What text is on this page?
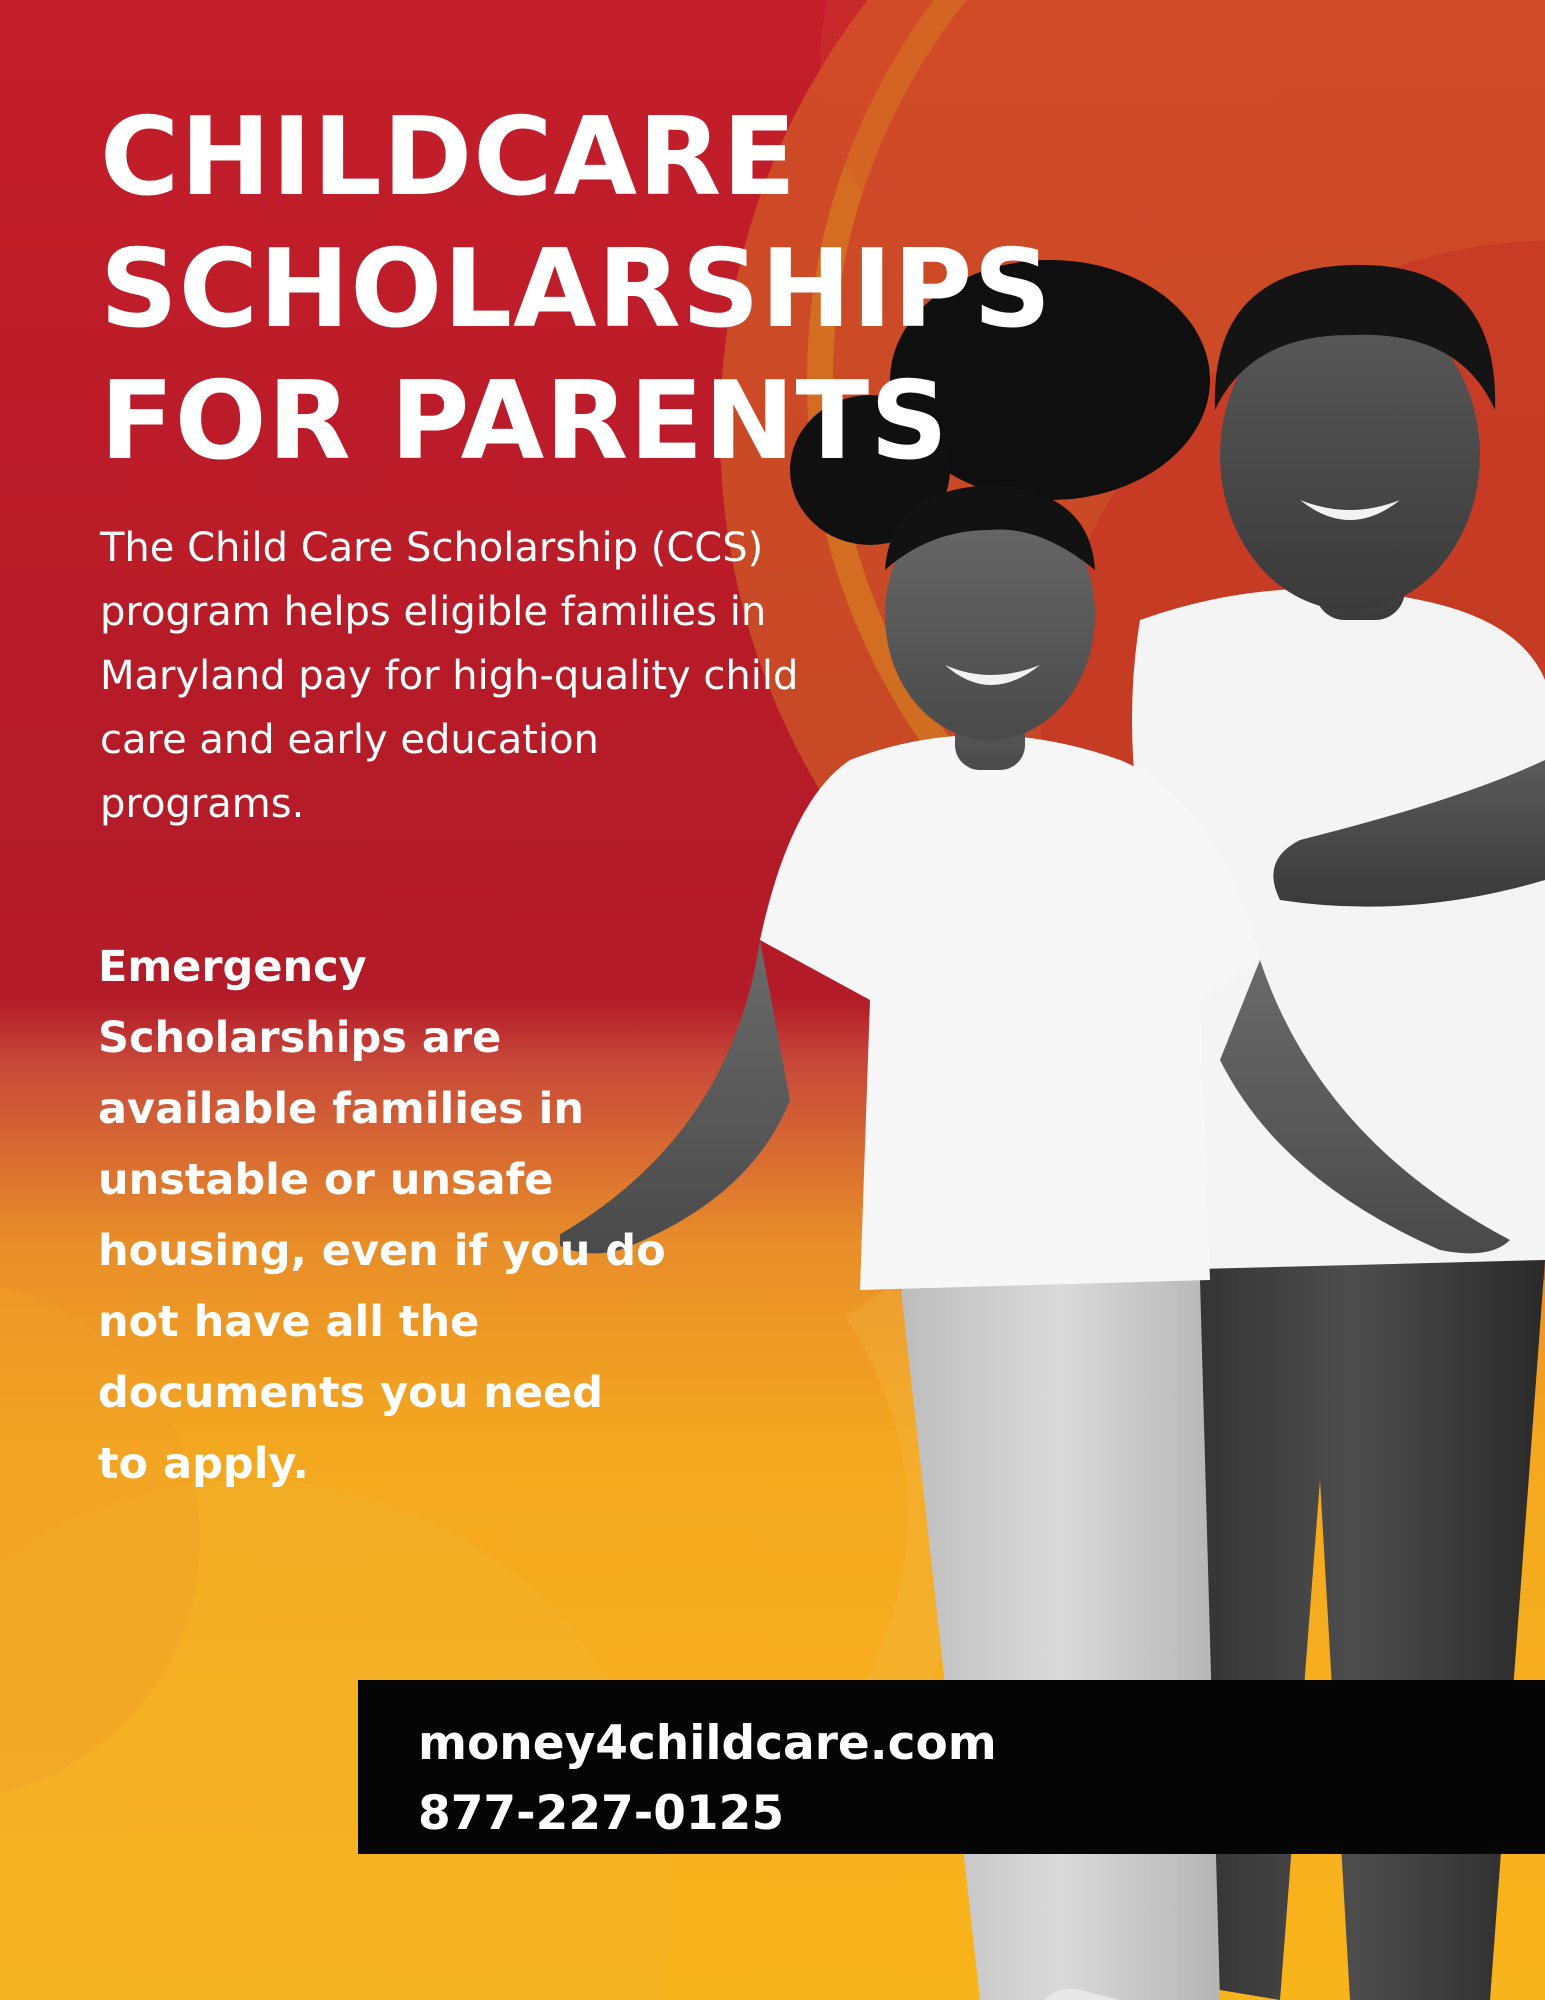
CHILDCARE
SCHOLARSHIPS
FOR PARENTS

The Child Care Scholarship (CCS)
program helps eligible families in
Maryland pay for high-quality child
care and early education
programs.

Emergency
Scholarships are
available families in
unstable or unsafe
housing, even if you do
not have all the
documents you need
to apply.

money4childcare.com

877-227-0125
